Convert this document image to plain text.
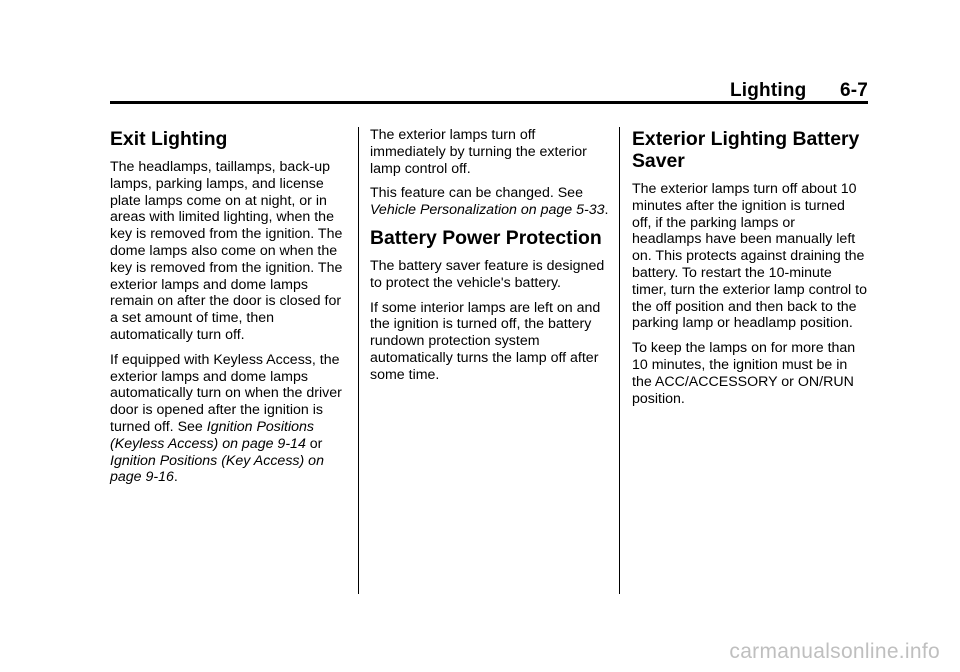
Lighting 6-7
Exit Lighting

The headlamps, taillamps, back-up lamps, parking lamps, and license plate lamps come on at night, or in areas with limited lighting, when the key is removed from the ignition. The dome lamps also come on when the key is removed from the ignition. The exterior lamps and dome lamps remain on after the door is closed for a set amount of time, then automatically turn off.

If equipped with Keyless Access, the exterior lamps and dome lamps automatically turn on when the driver door is opened after the ignition is turned off. See Ignition Positions (Keyless Access) on page 9-14 or Ignition Positions (Key Access) on page 9-16.

The exterior lamps turn off immediately by turning the exterior lamp control off.

This feature can be changed. See Vehicle Personalization on page 5-33.

Battery Power Protection

The battery saver feature is designed to protect the vehicle's battery.

If some interior lamps are left on and the ignition is turned off, the battery rundown protection system automatically turns the lamp off after some time.

Exterior Lighting Battery Saver

The exterior lamps turn off about 10 minutes after the ignition is turned off, if the parking lamps or headlamps have been manually left on. This protects against draining the battery. To restart the 10-minute timer, turn the exterior lamp control to the off position and then back to the parking lamp or headlamp position.

To keep the lamps on for more than 10 minutes, the ignition must be in the ACC/ACCESSORY or ON/RUN position.

carmanualsonline.info
